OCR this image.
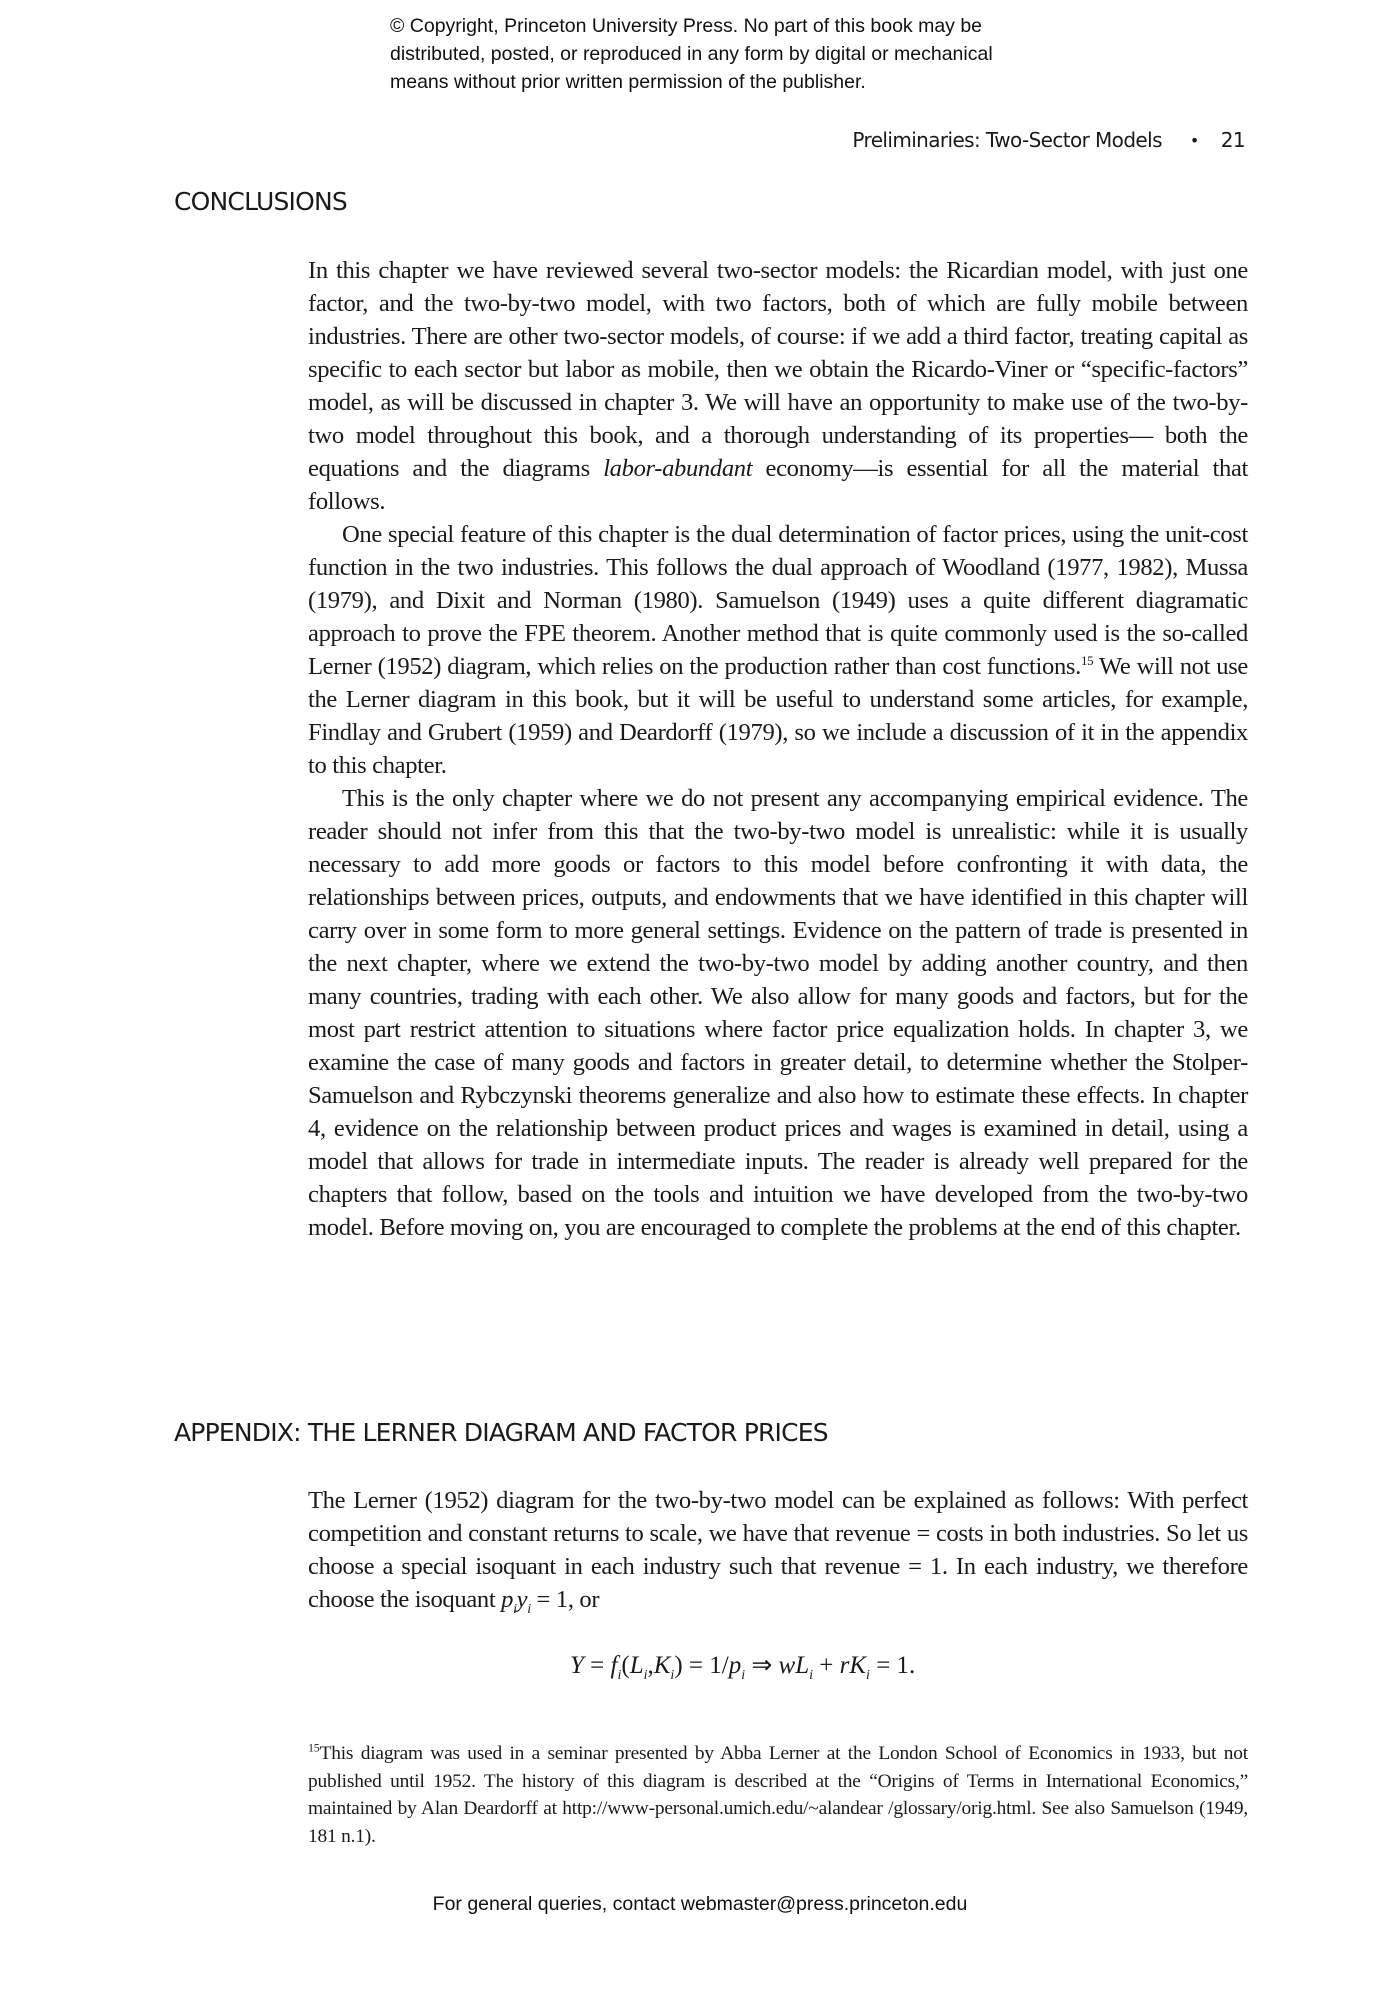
© Copyright, Princeton University Press. No part of this book may be
distributed, posted, or reproduced in any form by digital or mechanical
means without prior written permission of the publisher.
Preliminaries: Two-Sector Models • 21
CONCLUSIONS

In this chapter we have reviewed several two-sector models: the Ricardian model, with just one factor, and the two-by-two model, with two factors, both of which are fully mobile between industries. There are other two-sector models, of course: if we add a third factor, treating capital as specific to each sector but labor as mobile, then we obtain the Ricardo-Viner or “specific-factors” model, as will be discussed in chapter 3. We will have an opportunity to make use of the two-by-two model throughout this book, and a thorough understanding of its properties— both the equations and the diagrams labor-abundant economy—is essential for all the material that follows.

One special feature of this chapter is the dual determination of factor prices, using the unit-cost function in the two industries. This follows the dual approach of Woodland (1977, 1982), Mussa (1979), and Dixit and Norman (1980). Samuelson (1949) uses a quite different diagramatic approach to prove the FPE theorem. Another method that is quite commonly used is the so-called Lerner (1952) diagram, which relies on the production rather than cost functions.$^{15}$ We will not use the Lerner diagram in this book, but it will be useful to understand some articles, for example, Findlay and Grubert (1959) and Deardorff (1979), so we include a discussion of it in the appendix to this chapter.

This is the only chapter where we do not present any accompanying empirical evidence. The reader should not infer from this that the two-by-two model is unrealistic: while it is usually necessary to add more goods or factors to this model before confronting it with data, the relationships between prices, outputs, and endowments that we have identified in this chapter will carry over in some form to more general settings. Evidence on the pattern of trade is presented in the next chapter, where we extend the two-by-two model by adding another country, and then many countries, trading with each other. We also allow for many goods and factors, but for the most part restrict attention to situations where factor price equalization holds. In chapter 3, we examine the case of many goods and factors in greater detail, to determine whether the Stolper-Samuelson and Rybczynski theorems generalize and also how to estimate these effects. In chapter 4, evidence on the relationship between product prices and wages is examined in detail, using a model that allows for trade in intermediate inputs. The reader is already well prepared for the chapters that follow, based on the tools and intuition we have developed from the two-by-two model. Before moving on, you are encouraged to complete the problems at the end of this chapter.

APPENDIX: THE LERNER DIAGRAM AND FACTOR PRICES

The Lerner (1952) diagram for the two-by-two model can be explained as follows: With perfect competition and constant returns to scale, we have that revenue = costs in both industries. So let us choose a special isoquant in each industry such that revenue = 1. In each industry, we therefore choose the isoquant $p_iy_i = 1$, or

$Y = f_i(L_i,K_i) = 1/p_i$ ⇒ $wL_i + rK_i = 1$.
$^{15}$This diagram was used in a seminar presented by Abba Lerner at the London School of Economics in 1933, but not published until 1952. The history of this diagram is described at the “Origins of Terms in International Economics,” maintained by Alan Deardorff at http://www-personal.umich.edu/~alandear /glossary/orig.html. See also Samuelson (1949, 181 n.1).
For general queries, contact webmaster@press.princeton.edu
